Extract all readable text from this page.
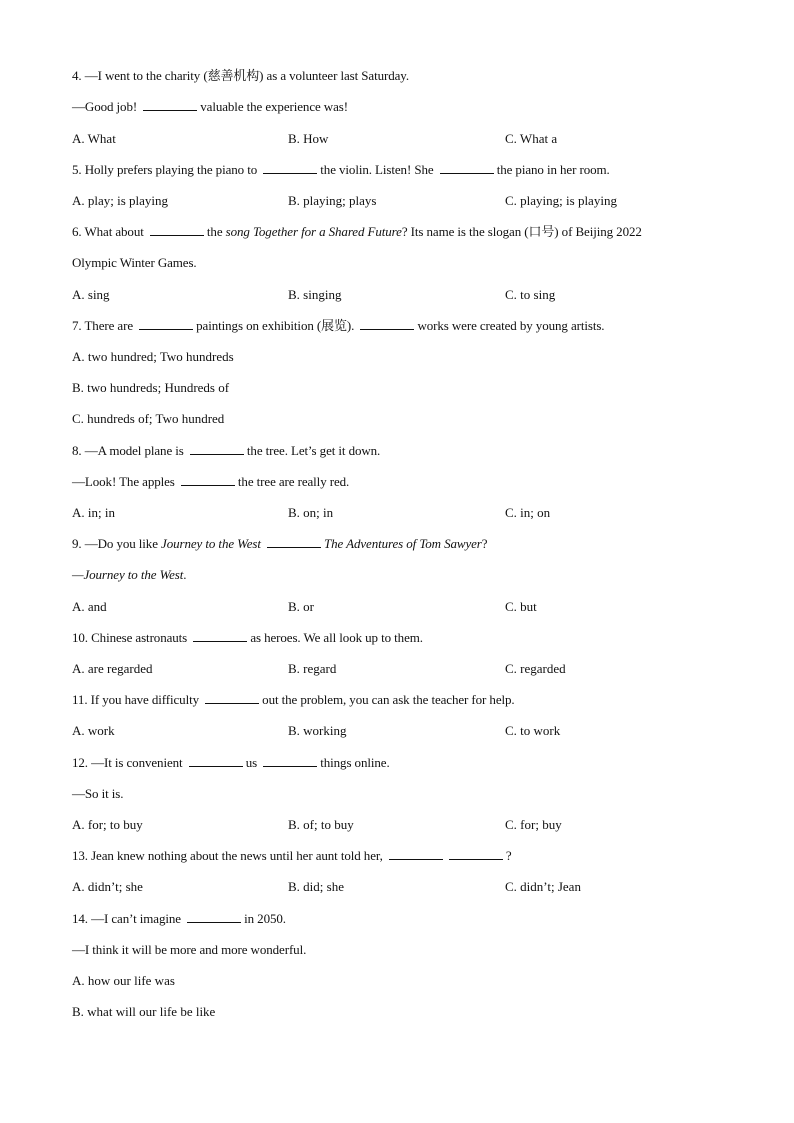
4. —I went to the charity (慈善机构) as a volunteer last Saturday.
—Good job!	valuable the experience was!
A. What	B. How	C. What a
5. Holly prefers playing the piano to	the violin. Listen! She	the piano in her room.
A. play; is playing	B. playing; plays	C. playing; is playing
6. What about	the song Together for a Shared Future? Its name is the slogan (口号) of Beijing 2022
Olympic Winter Games.
A. sing	B. singing	C. to sing
7. There are	paintings on exhibition (展览).	works were created by young artists.
A. two hundred; Two hundreds
B. two hundreds; Hundreds of
C. hundreds of; Two hundred
8. —A model plane is	the tree. Let’s get it down.
—Look! The apples	the tree are really red.
A. in; in	B. on; in	C. in; on
9. —Do you like Journey to the West	The Adventures of Tom Sawyer?
—Journey to the West.
A. and	B. or	C. but
10. Chinese astronauts	as heroes. We all look up to them.
A. are regarded	B. regard	C. regarded
11. If you have difficulty	out the problem, you can ask the teacher for help.
A. work	B. working	C. to work
12. —It is convenient	us	things online.
—So it is.
A. for; to buy	B. of; to buy	C. for; buy
13. Jean knew nothing about the news until her aunt told her,	?
A. didn’t; she	B. did; she	C. didn’t; Jean
14. —I can’t imagine	in 2050.
—I think it will be more and more wonderful.
A. how our life was
B. what will our life be like
